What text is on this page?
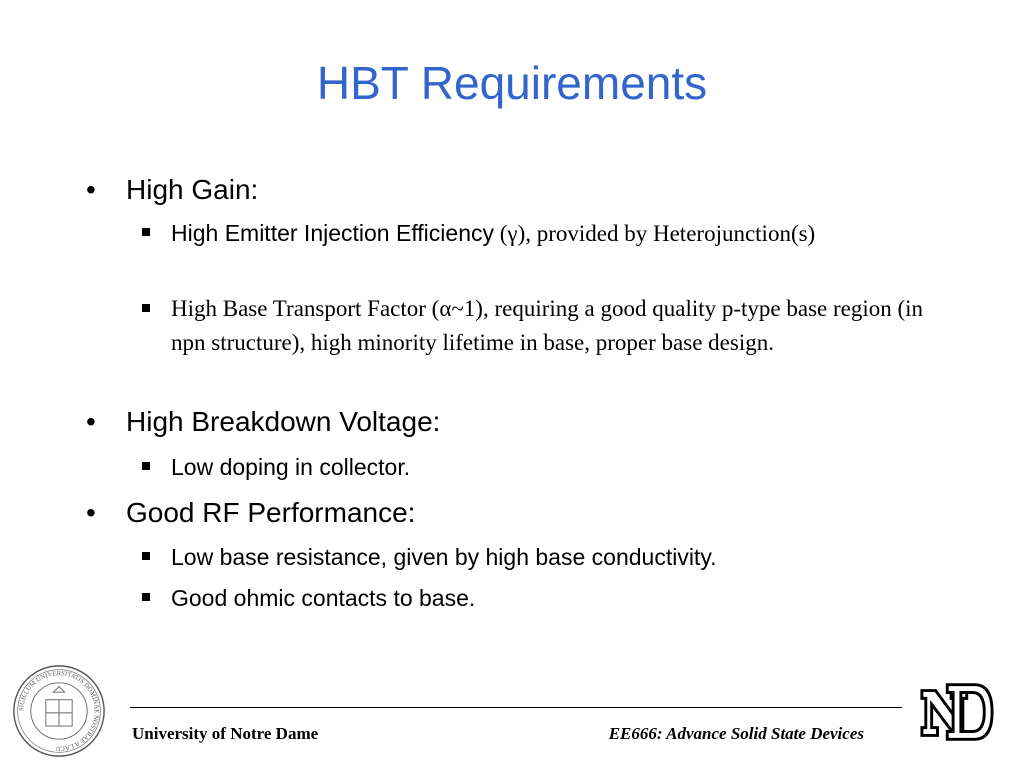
HBT Requirements
• High Gain:
High Emitter Injection Efficiency (γ), provided by Heterojunction(s)
High Base Transport Factor (α~1), requiring a good quality p-type base region (in npn structure), high minority lifetime in base, proper base design.
• High Breakdown Voltage:
Low doping in collector.
• Good RF Performance:
Low base resistance, given by high base conductivity.
Good ohmic contacts to base.
SIGILLUM UNIVERSITATIS DOMINAE NOSTRAE A LACU
University of Notre Dame	EE666: Advance Solid State Devices
